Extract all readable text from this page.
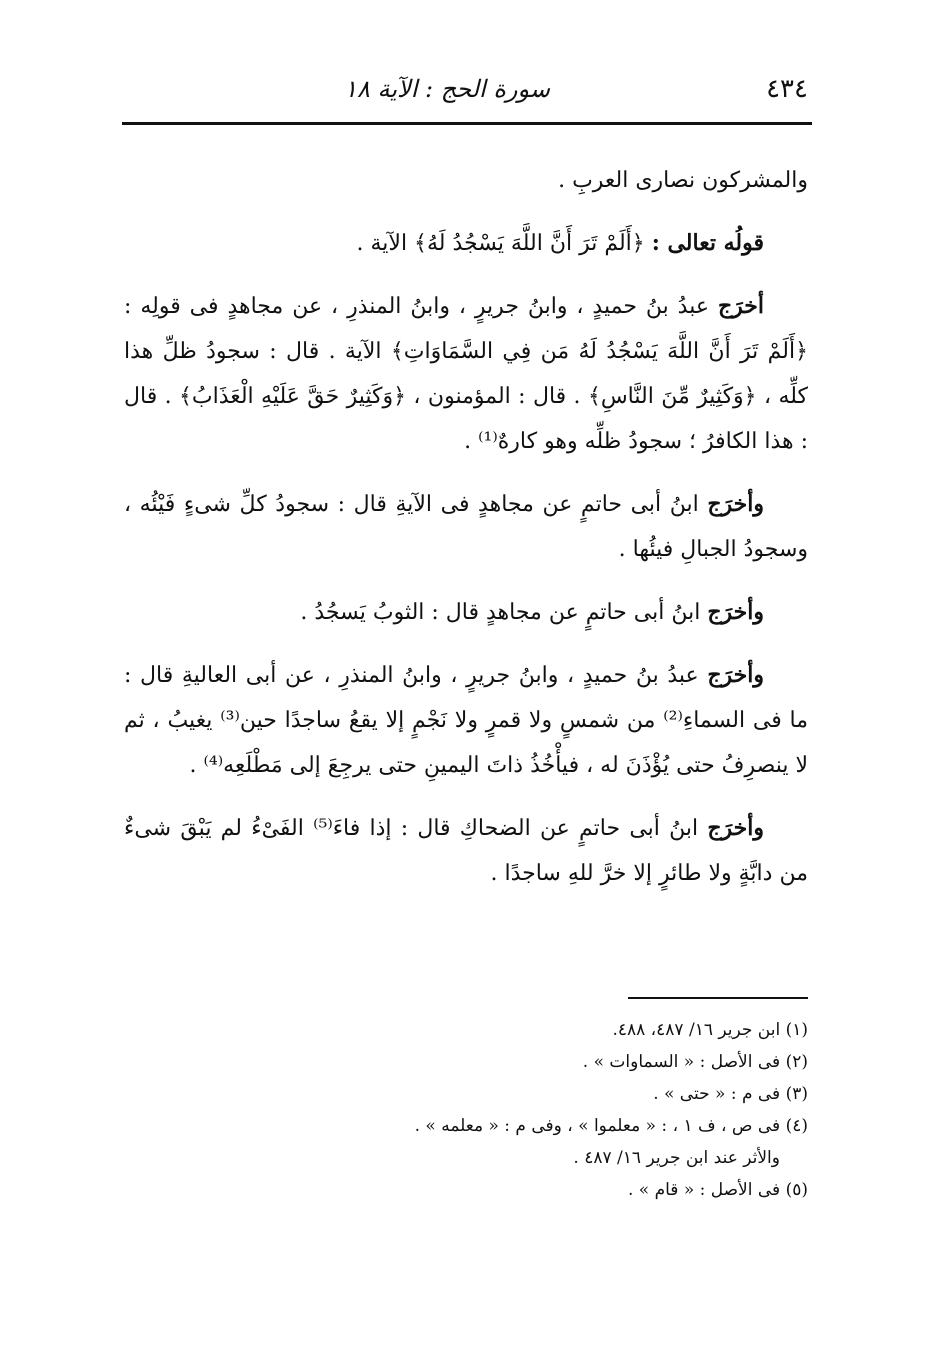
٤٣٤
سورة الحج : الآية ١٨

والمشركون نصارى العربِ .

قولُه تعالى : ﴿أَلَمْ تَرَ أَنَّ اللَّهَ يَسْجُدُ لَهُ﴾ الآية .

أخرَج عبدُ بنُ حميدٍ ، وابنُ جريرٍ ، وابنُ المنذرِ ، عن مجاهدٍ فى قولِه : ﴿أَلَمْ تَرَ أَنَّ اللَّهَ يَسْجُدُ لَهُ مَن فِي السَّمَاوَاتِ﴾ الآية . قال : سجودُ ظلِّ هذا كلِّه ، ﴿وَكَثِيرٌ مِّنَ النَّاسِ﴾ . قال : المؤمنون ، ﴿وَكَثِيرٌ حَقَّ عَلَيْهِ الْعَذَابُ﴾ . قال : هذا الكافرُ ؛ سجودُ ظلِّه وهو كارهٌ⁽¹⁾ .

وأخرَج ابنُ أبى حاتمٍ عن مجاهدٍ فى الآيةِ قال : سجودُ كلِّ شىءٍ فَيْئُه ، وسجودُ الجبالِ فيئُها .

وأخرَج ابنُ أبى حاتمٍ عن مجاهدٍ قال : الثوبُ يَسجُدُ .

وأخرَج عبدُ بنُ حميدٍ ، وابنُ جريرٍ ، وابنُ المنذرِ ، عن أبى العاليةِ قال : ما فى السماءِ⁽²⁾ من شمسٍ ولا قمرٍ ولا نَجْمٍ إلا يقعُ ساجدًا حين⁽³⁾ يغيبُ ، ثم لا ينصرِفُ حتى يُؤْذَنَ له ، فيأْخُذُ ذاتَ اليمينِ حتى يرجِعَ إلى مَطْلَعِه⁽⁴⁾ .

وأخرَج ابنُ أبى حاتمٍ عن الضحاكِ قال : إذا فاءَ⁽⁵⁾ الفَىْءُ لم يَبْقَ شىءٌ من دابَّةٍ ولا طائرٍ إلا خرَّ للهِ ساجدًا .

(١) ابن جرير ١٦/ ٤٨٧، ٤٨٨.

(٢) فى الأصل : « السماوات » .

(٣) فى م : « حتى » .

(٤) فى ص ، ف ١ ، : « معلموا » ، وفى م : « معلمه » .

والأثر عند ابن جرير ١٦/ ٤٨٧ .

(٥) فى الأصل : « قام » .
